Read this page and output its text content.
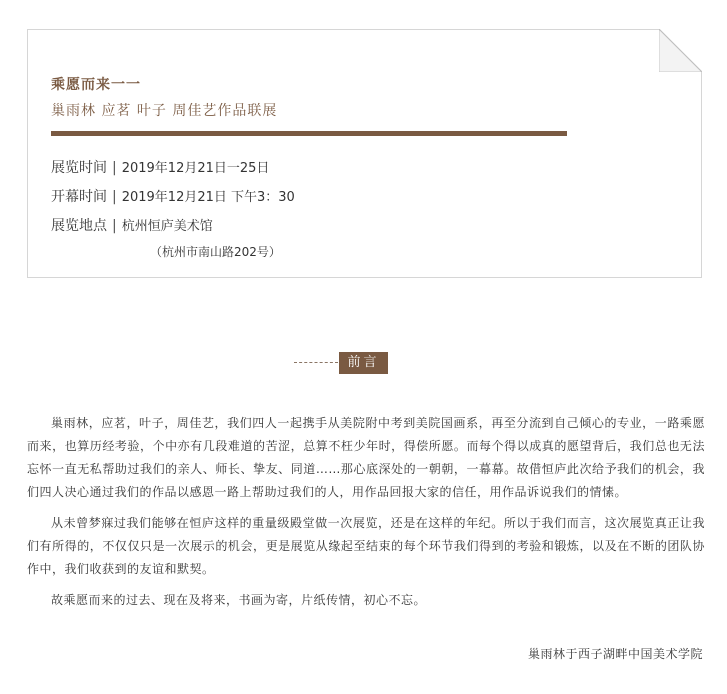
乘愿而来一一
巢雨林 应茗 叶子 周佳艺作品联展
展览时间 | 2019年12月21日一25日
开幕时间 | 2019年12月21日 下午3：30
展览地点 | 杭州恒庐美术馆
（杭州市南山路202号）
前言

巢雨林，应茗，叶子，周佳艺，我们四人一起携手从美院附中考到美院国画系，再至分流到自己倾心的专业，一路乘愿而来，也算历经考验，个中亦有几段难道的苦涩，总算不枉少年时，得偿所愿。而每个得以成真的愿望背后，我们总也无法忘怀一直无私帮助过我们的亲人、师长、挚友、同道……那心底深处的一朝朝，一幕幕。故借恒庐此次给予我们的机会，我们四人决心通过我们的作品以感恩一路上帮助过我们的人，用作品回报大家的信任，用作品诉说我们的情愫。

从未曾梦寐过我们能够在恒庐这样的重量级殿堂做一次展览，还是在这样的年纪。所以于我们而言，这次展览真正让我们有所得的，不仅仅只是一次展示的机会，更是展览从缘起至结束的每个环节我们得到的考验和锻炼，以及在不断的团队协作中，我们收获到的友谊和默契。

故乘愿而来的过去、现在及将来，书画为寄，片纸传情，初心不忘。

巢雨林于西子湖畔中国美术学院
